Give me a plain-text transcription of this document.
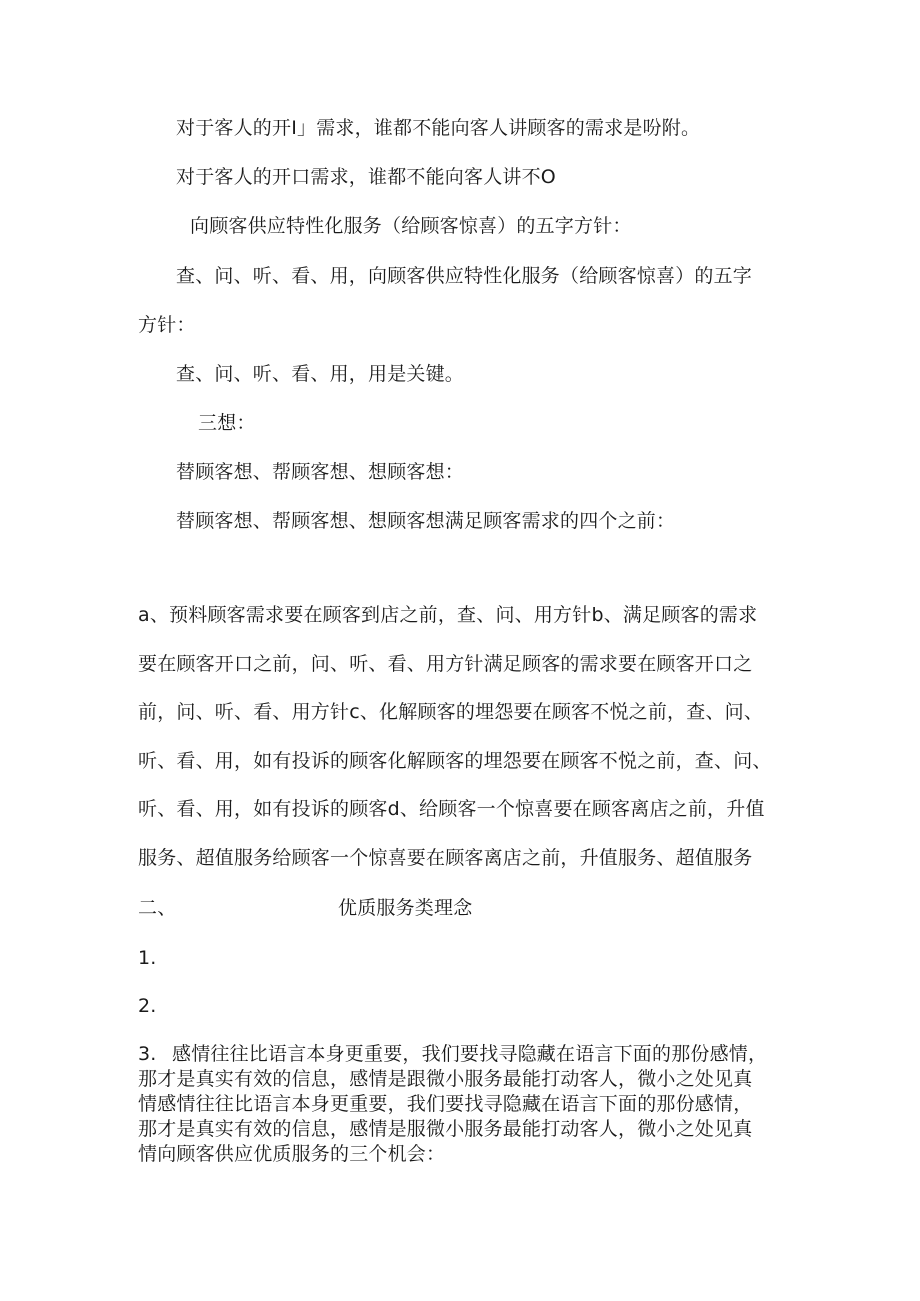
对于客人的开I」需求，谁都不能向客人讲顾客的需求是吩附。
对于客人的开口需求，谁都不能向客人讲不O
向顾客供应特性化服务（给顾客惊喜）的五字方针：
查、问、听、看、用，向顾客供应特性化服务（给顾客惊喜）的五字
方针：
查、问、听、看、用，用是关键。
三想：
替顾客想、帮顾客想、想顾客想：
替顾客想、帮顾客想、想顾客想满足顾客需求的四个之前：
a、预料顾客需求要在顾客到店之前，查、问、用方针b、满足顾客的需求
要在顾客开口之前，问、听、看、用方针满足顾客的需求要在顾客开口之
前，问、听、看、用方针c、化解顾客的埋怨要在顾客不悦之前，查、问、
听、看、用，如有投诉的顾客化解顾客的埋怨要在顾客不悦之前，查、问、
听、看、用，如有投诉的顾客d、给顾客一个惊喜要在顾客离店之前，升值
服务、超值服务给顾客一个惊喜要在顾客离店之前，升值服务、超值服务
二、	优质服务类理念
1.
2.
3. 感情往往比语言本身更重要，我们要找寻隐藏在语言下面的那份感情，
那才是真实有效的信息，感情是跟微小服务最能打动客人，微小之处见真
情感情往往比语言本身更重要，我们要找寻隐藏在语言下面的那份感情，
那才是真实有效的信息，感情是服微小服务最能打动客人，微小之处见真
情向顾客供应优质服务的三个机会：
